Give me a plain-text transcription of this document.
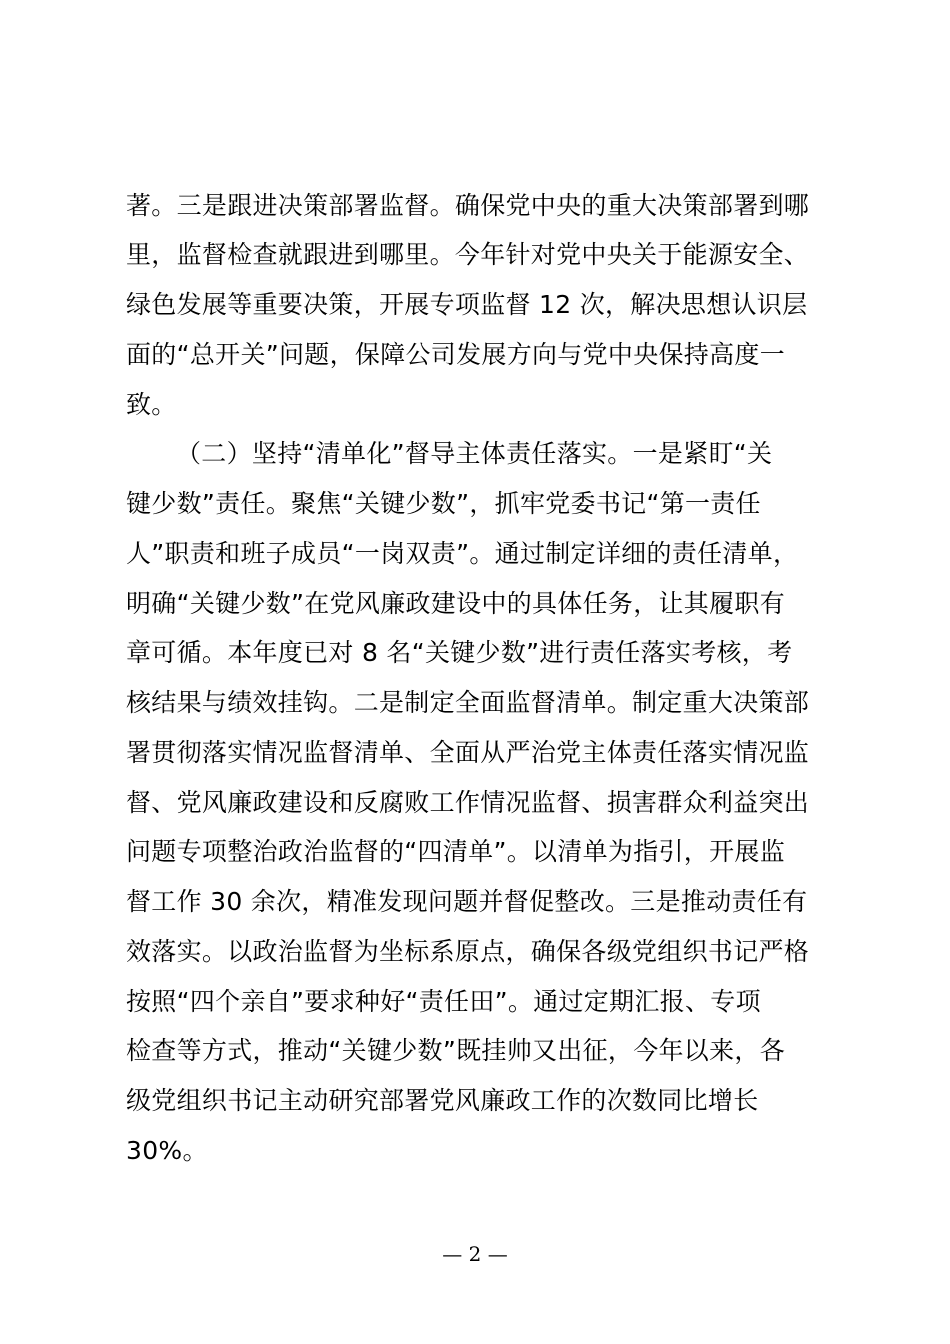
著。三是跟进决策部署监督。确保党中央的重大决策部署到哪
里，监督检查就跟进到哪里。今年针对党中央关于能源安全、
绿色发展等重要决策，开展专项监督 12 次，解决思想认识层
面的“总开关”问题，保障公司发展方向与党中央保持高度一
致。
（二）坚持“清单化”督导主体责任落实。一是紧盯“关
键少数”责任。聚焦“关键少数”，抓牢党委书记“第一责任
人”职责和班子成员“一岗双责”。通过制定详细的责任清单，
明确“关键少数”在党风廉政建设中的具体任务，让其履职有
章可循。本年度已对 8 名“关键少数”进行责任落实考核，考
核结果与绩效挂钩。二是制定全面监督清单。制定重大决策部
署贯彻落实情况监督清单、全面从严治党主体责任落实情况监
督、党风廉政建设和反腐败工作情况监督、损害群众利益突出
问题专项整治政治监督的“四清单”。以清单为指引，开展监
督工作 30 余次，精准发现问题并督促整改。三是推动责任有
效落实。以政治监督为坐标系原点，确保各级党组织书记严格
按照“四个亲自”要求种好“责任田”。通过定期汇报、专项
检查等方式，推动“关键少数”既挂帅又出征，今年以来，各
级党组织书记主动研究部署党风廉政工作的次数同比增长
30%。
— 2 —
